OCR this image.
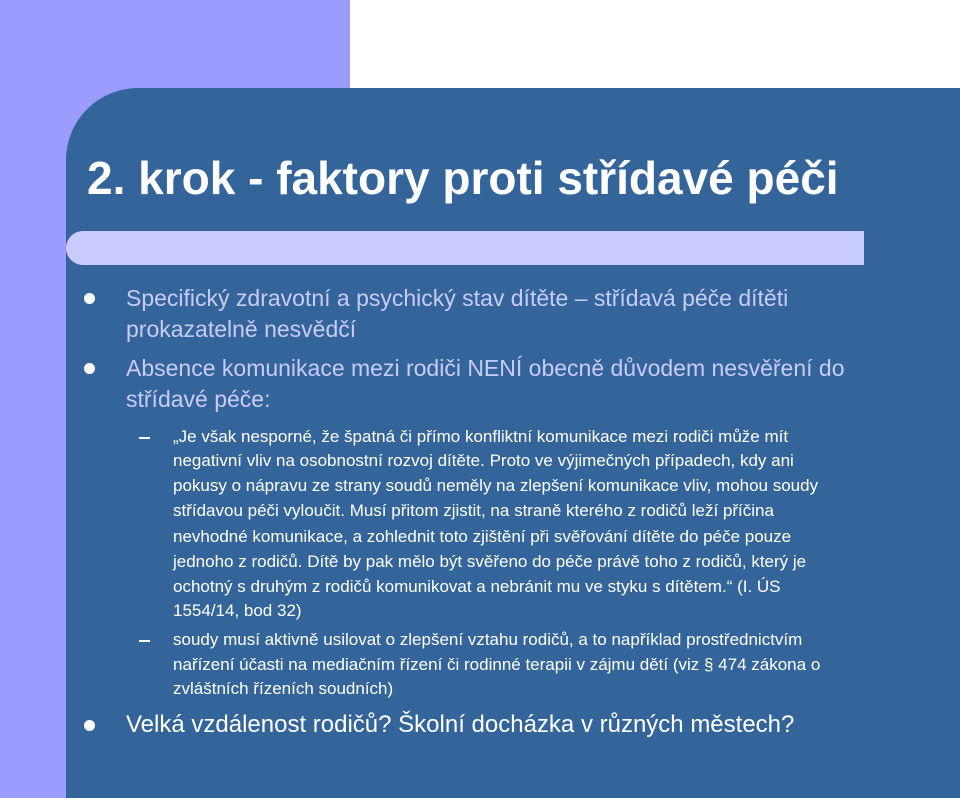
2. krok - faktory proti střídavé péči

Specifický zdravotní a psychický stav dítěte – střídavá péče dítěti

prokazatelně nesvědčí

Absence komunikace mezi rodiči NENÍ obecně důvodem nesvěření do

střídavé péče:

„Je však nesporné, že špatná či přímo konfliktní komunikace mezi rodiči může mít

negativní vliv na osobnostní rozvoj dítěte. Proto ve výjimečných případech, kdy ani

pokusy o nápravu ze strany soudů neměly na zlepšení komunikace vliv, mohou soudy

střídavou péči vyloučit. Musí přitom zjistit, na straně kterého z rodičů leží příčina

nevhodné komunikace, a zohlednit toto zjištění při svěřování dítěte do péče pouze

jednoho z rodičů. Dítě by pak mělo být svěřeno do péče právě toho z rodičů, který je

ochotný s druhým z rodičů komunikovat a nebránit mu ve styku s dítětem.“ (I. ÚS

1554/14, bod 32)

soudy musí aktivně usilovat o zlepšení vztahu rodičů, a to například prostřednictvím

nařízení účasti na mediačním řízení či rodinné terapii v zájmu dětí (viz § 474 zákona o

zvláštních řízeních soudních)

Velká vzdálenost rodičů? Školní docházka v různých městech?
